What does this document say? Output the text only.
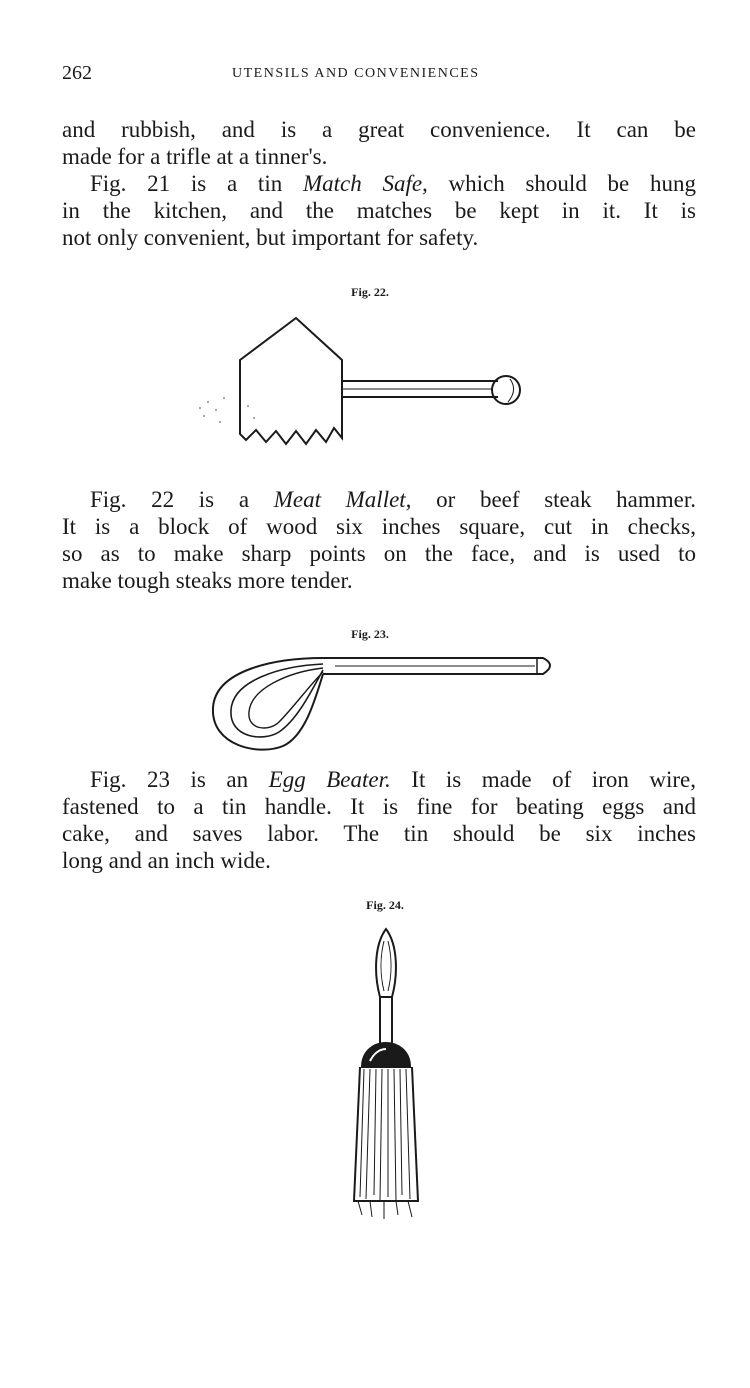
262	UTENSILS AND CONVENIENCES

and rubbish, and is a great convenience. It can be
made for a trifle at a tinner's.

Fig. 21 is a tin Match Safe, which should be hung
in the kitchen, and the matches be kept in it. It is
not only convenient, but important for safety.

Fig. 22.

Fig. 22 is a Meat Mallet, or beef steak hammer.
It is a block of wood six inches square, cut in checks,
so as to make sharp points on the face, and is used to
make tough steaks more tender.

Fig. 23.

Fig. 23 is an Egg Beater. It is made of iron wire,
fastened to a tin handle. It is fine for beating eggs and
cake, and saves labor. The tin should be six inches
long and an inch wide.

Fig. 24.
